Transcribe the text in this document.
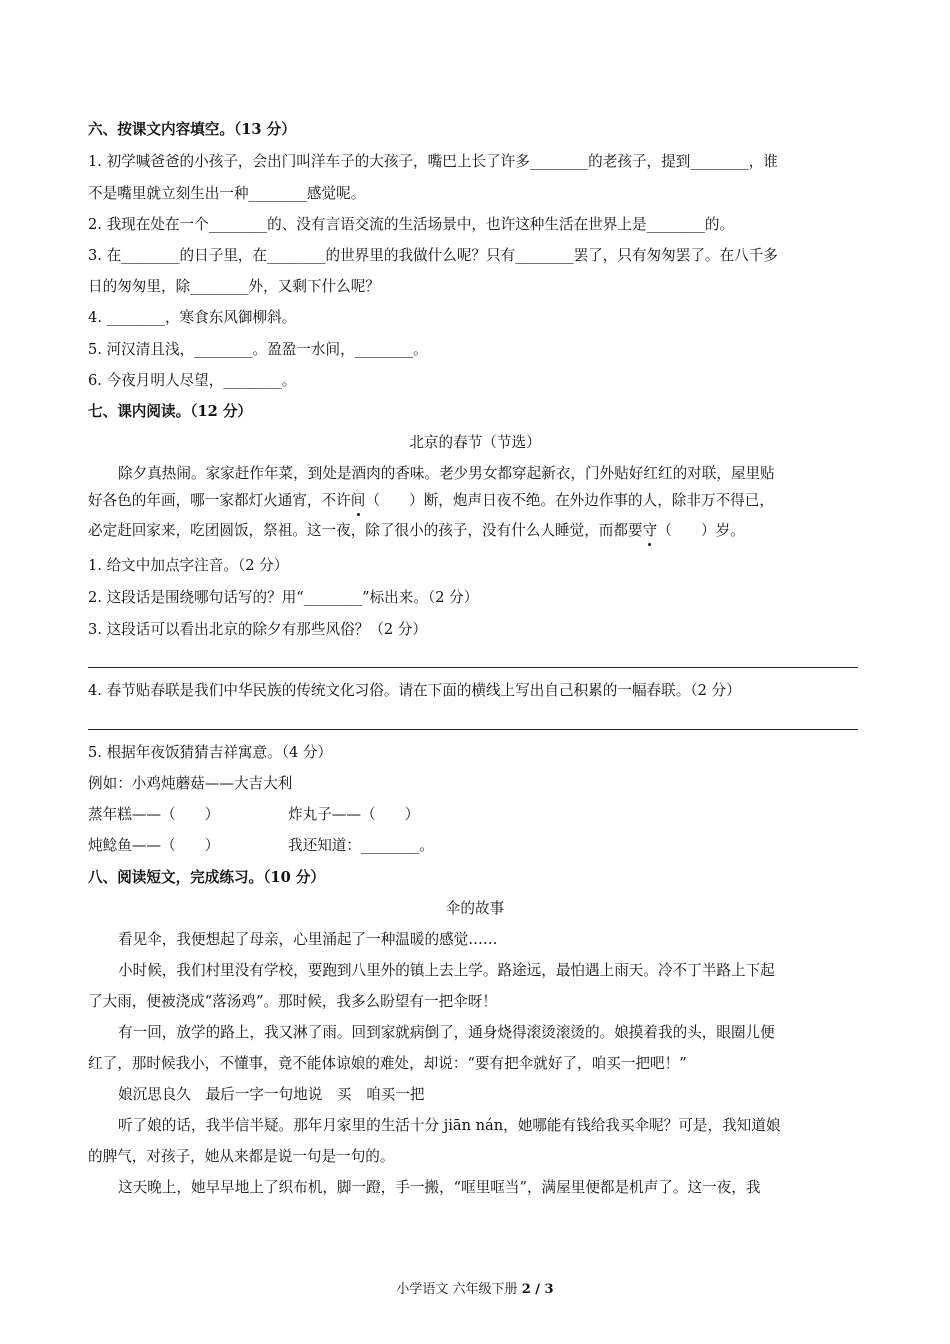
六、按课文内容填空。（13 分）
1. 初学喊爸爸的小孩子，会出门叫洋车子的大孩子，嘴巴上长了许多________的老孩子，提到________，谁
不是嘴里就立刻生出一种________感觉呢。
2. 我现在处在一个________的、没有言语交流的生活场景中，也许这种生活在世界上是________的。
3. 在________的日子里，在________的世界里的我做什么呢？只有________罢了，只有匆匆罢了。在八千多
日的匆匆里，除________外，又剩下什么呢？
4. ________，寒食东风御柳斜。
5. 河汉清且浅，________。盈盈一水间，________。
6. 今夜月明人尽望，________。
七、课内阅读。（12 分）
北京的春节（节选）
除夕真热闹。家家赶作年菜，到处是酒肉的香味。老少男女都穿起新衣，门外贴好红红的对联，屋里贴
好各色的年画，哪一家都灯火通宵，不许间（　　）断，炮声日夜不绝。在外边作事的人，除非万不得已，
必定赶回家来，吃团圆饭，祭祖。这一夜，除了很小的孩子，没有什么人睡觉，而都要守（　　）岁。
1. 给文中加点字注音。（2 分）
2. 这段话是围绕哪句话写的？用“________”标出来。（2 分）
3. 这段话可以看出北京的除夕有那些风俗？（2 分）
4. 春节贴春联是我们中华民族的传统文化习俗。请在下面的横线上写出自己积累的一幅春联。（2 分）
5. 根据年夜饭猜猜吉祥寓意。（4 分）
例如：小鸡炖蘑菇——大吉大利
蒸年糕——（　　）	炸丸子——（　　）
炖鲶鱼——（　　）	我还知道：________。
八、阅读短文，完成练习。（10 分）
伞的故事
看见伞，我便想起了母亲，心里涌起了一种温暖的感觉……
小时候，我们村里没有学校，要跑到八里外的镇上去上学。路途远，最怕遇上雨天。冷不丁半路上下起
了大雨，便被浇成“落汤鸡”。那时候，我多么盼望有一把伞呀！
有一回，放学的路上，我又淋了雨。回到家就病倒了，通身烧得滚烫滚烫的。娘摸着我的头，眼圈儿便
红了，那时候我小，不懂事，竟不能体谅娘的难处，却说：“要有把伞就好了，咱买一把吧！”
娘沉思良久　最后一字一句地说　买　咱买一把
听了娘的话，我半信半疑。那年月家里的生活十分 jiān nán，她哪能有钱给我买伞呢？可是，我知道娘
的脾气，对孩子，她从来都是说一句是一句的。
这天晚上，她早早地上了织布机，脚一蹬，手一搬，“哐里哐当”，满屋里便都是机声了。这一夜，我
小学语文 六年级下册 2 / 3
